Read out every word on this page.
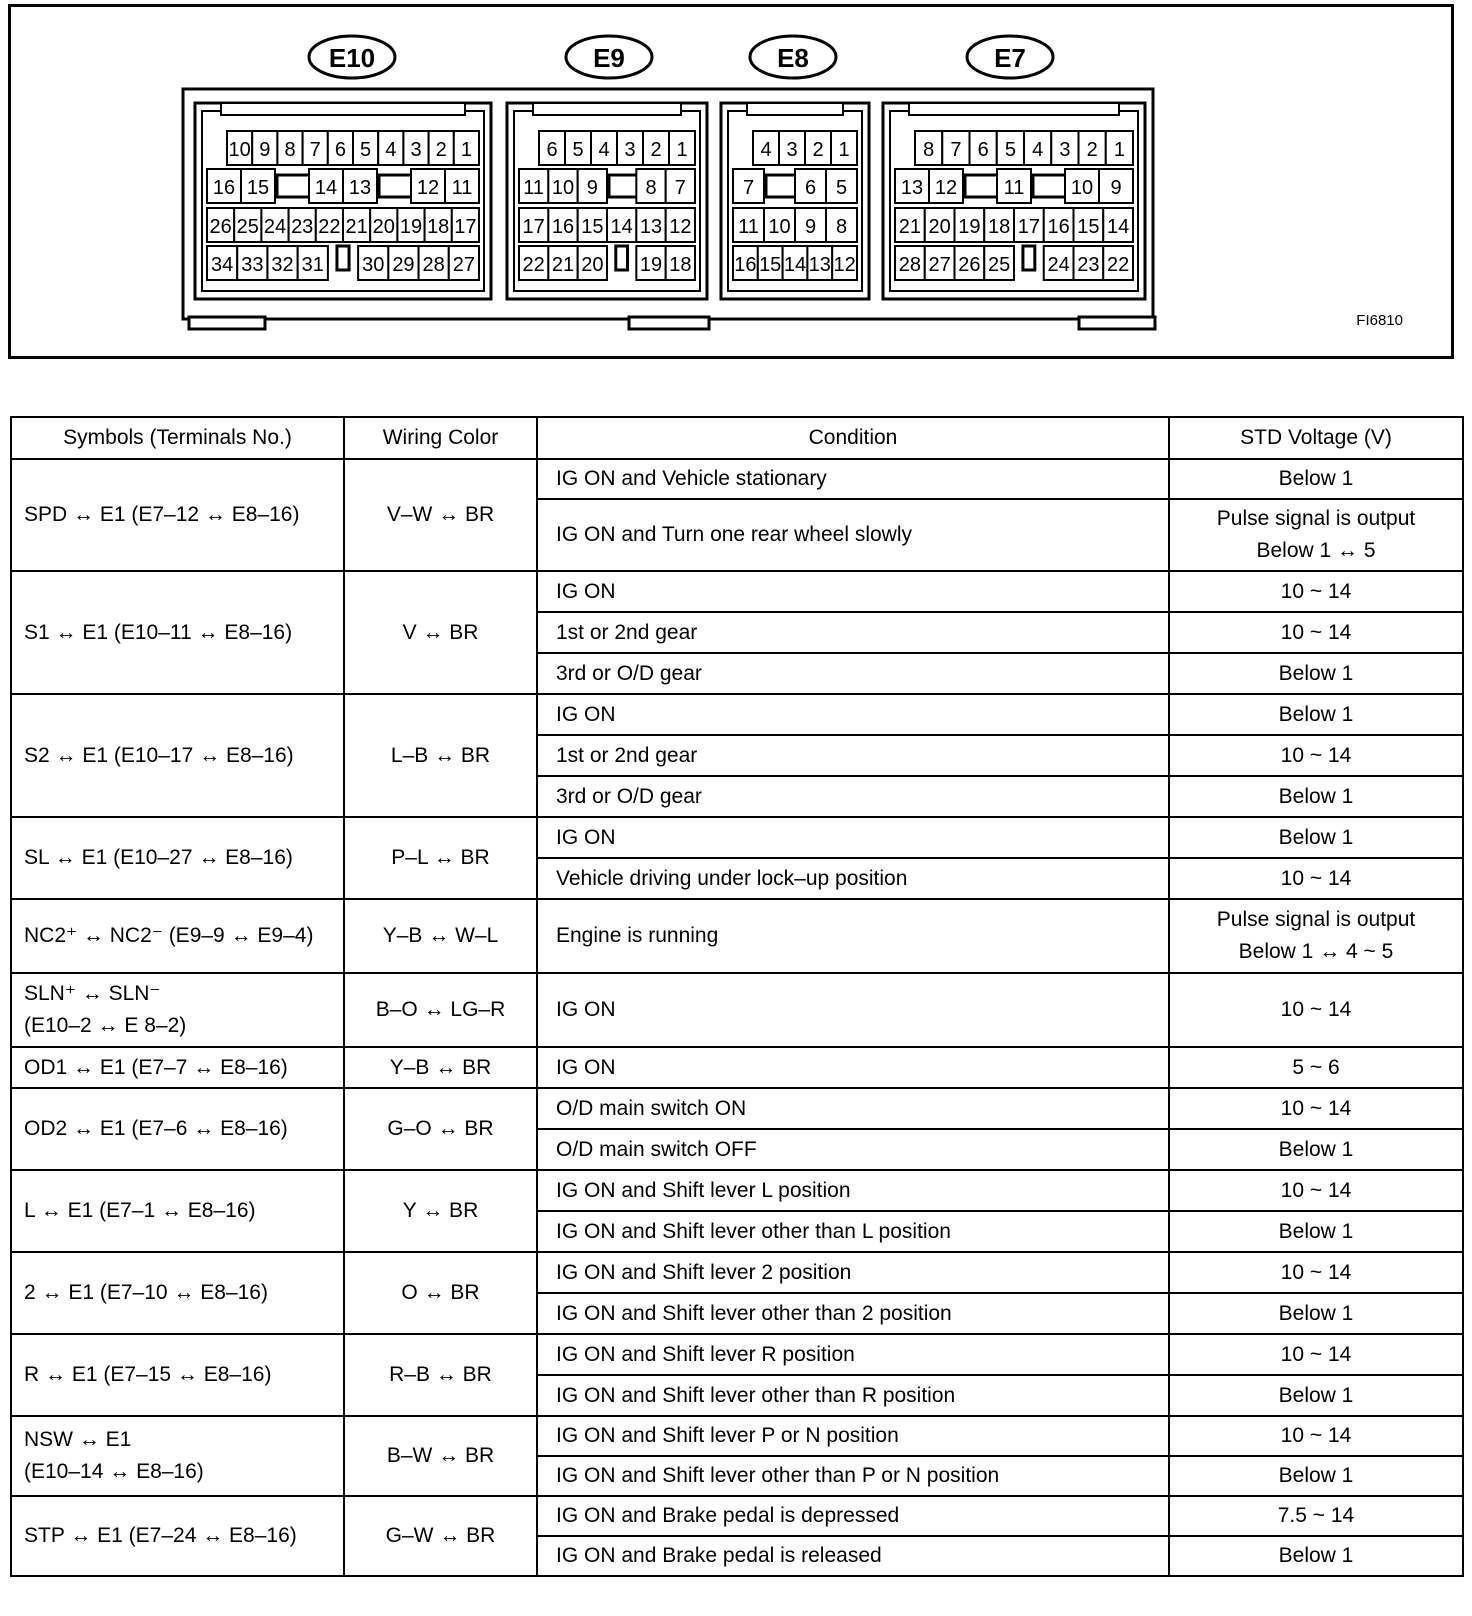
E10
10 9 8 7 6 5 4 3 2 1
16 15 14 13 12 11
26 25 24 23 22 21 20 19 18 17
34 33 32 31 30 29 28 27
E9
6 5 4 3 2 1
11 10 9 8 7
17 16 15 14 13 12
22 21 20 19 18
E8
4 3 2 1
7	6 5
11 10 9 8
16 15 14 13 12
E7
8 7 6 5 4 3 2 1
13 12 11 10 9
21 20 19 18 17 16 15 14
28 27 26 25 24 23 22
FI6810
Symbols (Terminals No.)	Wiring Color	Condition	STD Voltage (V)
SPD ↔ E1 (E7–12 ↔ E8–16)	V–W ↔ BR	IG ON and Vehicle stationary	Below 1
		IG ON and Turn one rear wheel slowly	Pulse signal is output
Below 1 ↔ 5
S1 ↔ E1 (E10–11 ↔ E8–16)	V ↔ BR	IG ON	10 ~ 14
		1st or 2nd gear	10 ~ 14
		3rd or O/D gear	Below 1
S2 ↔ E1 (E10–17 ↔ E8–16)	L–B ↔ BR	IG ON	Below 1
		1st or 2nd gear	10 ~ 14
		3rd or O/D gear	Below 1
SL ↔ E1 (E10–27 ↔ E8–16)	P–L ↔ BR	IG ON	Below 1
		Vehicle driving under lock–up position	10 ~ 14
NC2⁺ ↔ NC2⁻ (E9–9 ↔ E9–4)	Y–B ↔ W–L	Engine is running	Pulse signal is output
Below 1 ↔ 4 ~ 5
SLN⁺ ↔ SLN⁻
(E10–2 ↔ E 8–2)	B–O ↔ LG–R	IG ON	10 ~ 14
OD1 ↔ E1 (E7–7 ↔ E8–16)	Y–B ↔ BR	IG ON	5 ~ 6
OD2 ↔ E1 (E7–6 ↔ E8–16)	G–O ↔ BR	O/D main switch ON	10 ~ 14
		O/D main switch OFF	Below 1
L ↔ E1 (E7–1 ↔ E8–16)	Y ↔ BR	IG ON and Shift lever L position	10 ~ 14
		IG ON and Shift lever other than L position	Below 1
2 ↔ E1 (E7–10 ↔ E8–16)	O ↔ BR	IG ON and Shift lever 2 position	10 ~ 14
		IG ON and Shift lever other than 2 position	Below 1
R ↔ E1 (E7–15 ↔ E8–16)	R–B ↔ BR	IG ON and Shift lever R position	10 ~ 14
		IG ON and Shift lever other than R position	Below 1
NSW ↔ E1
(E10–14 ↔ E8–16)	B–W ↔ BR	IG ON and Shift lever P or N position	10 ~ 14
		IG ON and Shift lever other than P or N position	Below 1
STP ↔ E1 (E7–24 ↔ E8–16)	G–W ↔ BR	IG ON and Brake pedal is depressed	7.5 ~ 14
		IG ON and Brake pedal is released	Below 1
